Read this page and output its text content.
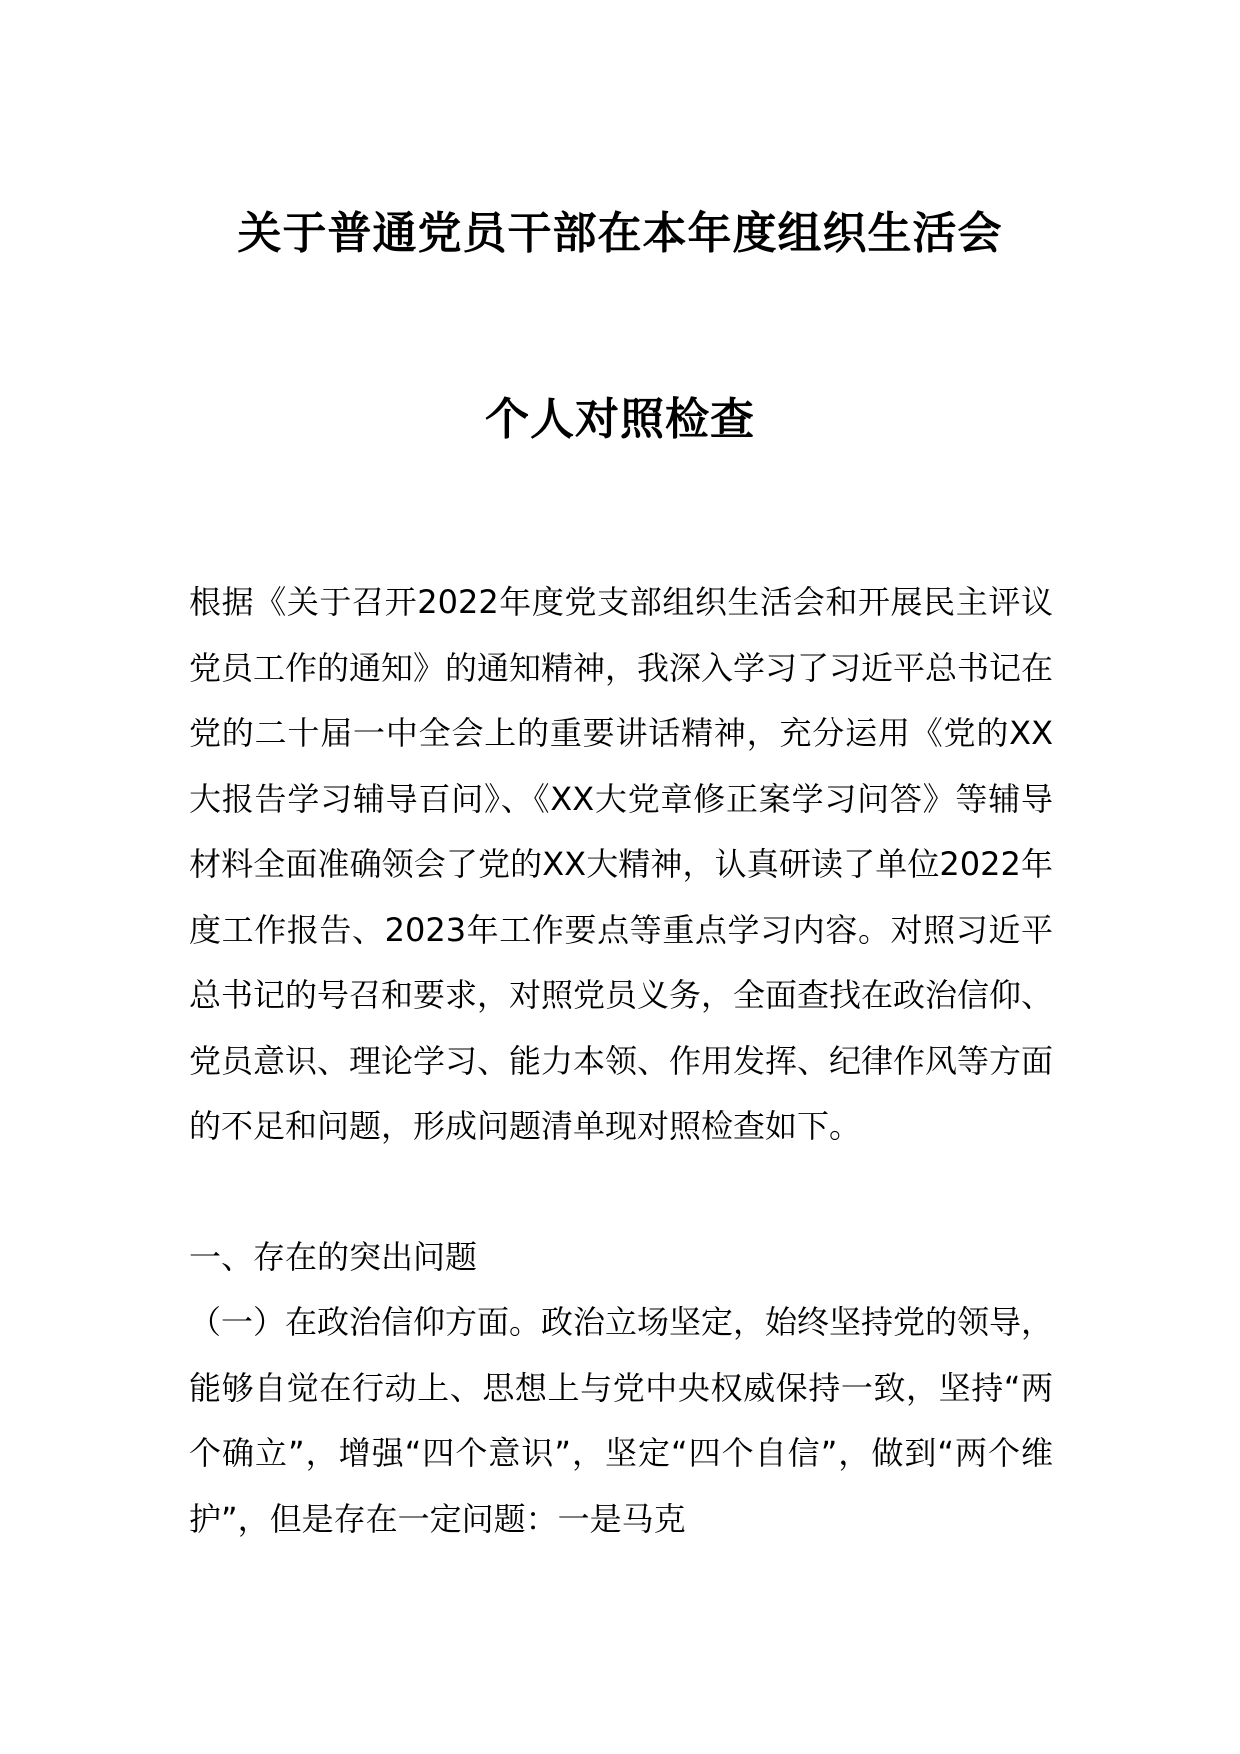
关于普通党员干部在本年度组织生活会
个人对照检查

根据《关于召开2022年度党支部组织生活会和开展民主评议党员工作的通知》的通知精神，我深入学习了习近平总书记在党的二十届一中全会上的重要讲话精神，充分运用《党的XX大报告学习辅导百问》、《XX大党章修正案学习问答》等辅导材料全面准确领会了党的XX大精神，认真研读了单位2022年度工作报告、2023年工作要点等重点学习内容。对照习近平总书记的号召和要求，对照党员义务，全面查找在政治信仰、党员意识、理论学习、能力本领、作用发挥、纪律作风等方面的不足和问题，形成问题清单现对照检查如下。

一、存在的突出问题

（一）在政治信仰方面。政治立场坚定，始终坚持党的领导，能够自觉在行动上、思想上与党中央权威保持一致，坚持“两个确立”，增强“四个意识”，坚定“四个自信”，做到“两个维护”，但是存在一定问题：一是马克
